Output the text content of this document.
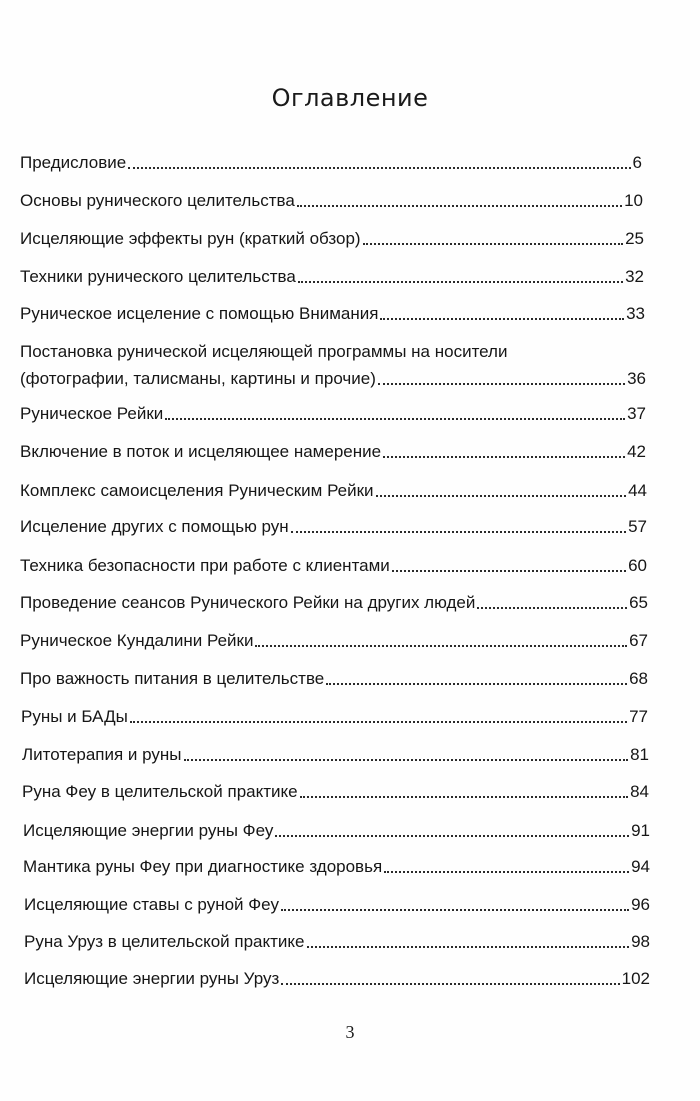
Оглавление
Предисловие	6
Основы рунического целительства	10
Исцеляющие эффекты рун (краткий обзор)	25
Техники рунического целительства	32
Руническое исцеление с помощью Внимания	33
Постановка рунической исцеляющей программы на носители
(фотографии, талисманы, картины и прочие)	36
Руническое Рейки	37
Включение в поток и исцеляющее намерение	42
Комплекс самоисцеления Руническим Рейки	44
Исцеление других с помощью рун	57
Техника безопасности при работе с клиентами	60
Проведение сеансов Рунического Рейки на других людей	65
Руническое Кундалини Рейки	67
Про важность питания в целительстве	68
Руны и БАДы	77
Литотерапия и руны	81
Руна Феу в целительской практике	84
Исцеляющие энергии руны Феу	91
Мантика руны Феу при диагностике здоровья	94
Исцеляющие ставы с руной Феу	96
Руна Уруз в целительской практике	98
Исцеляющие энергии руны Уруз	102
3
